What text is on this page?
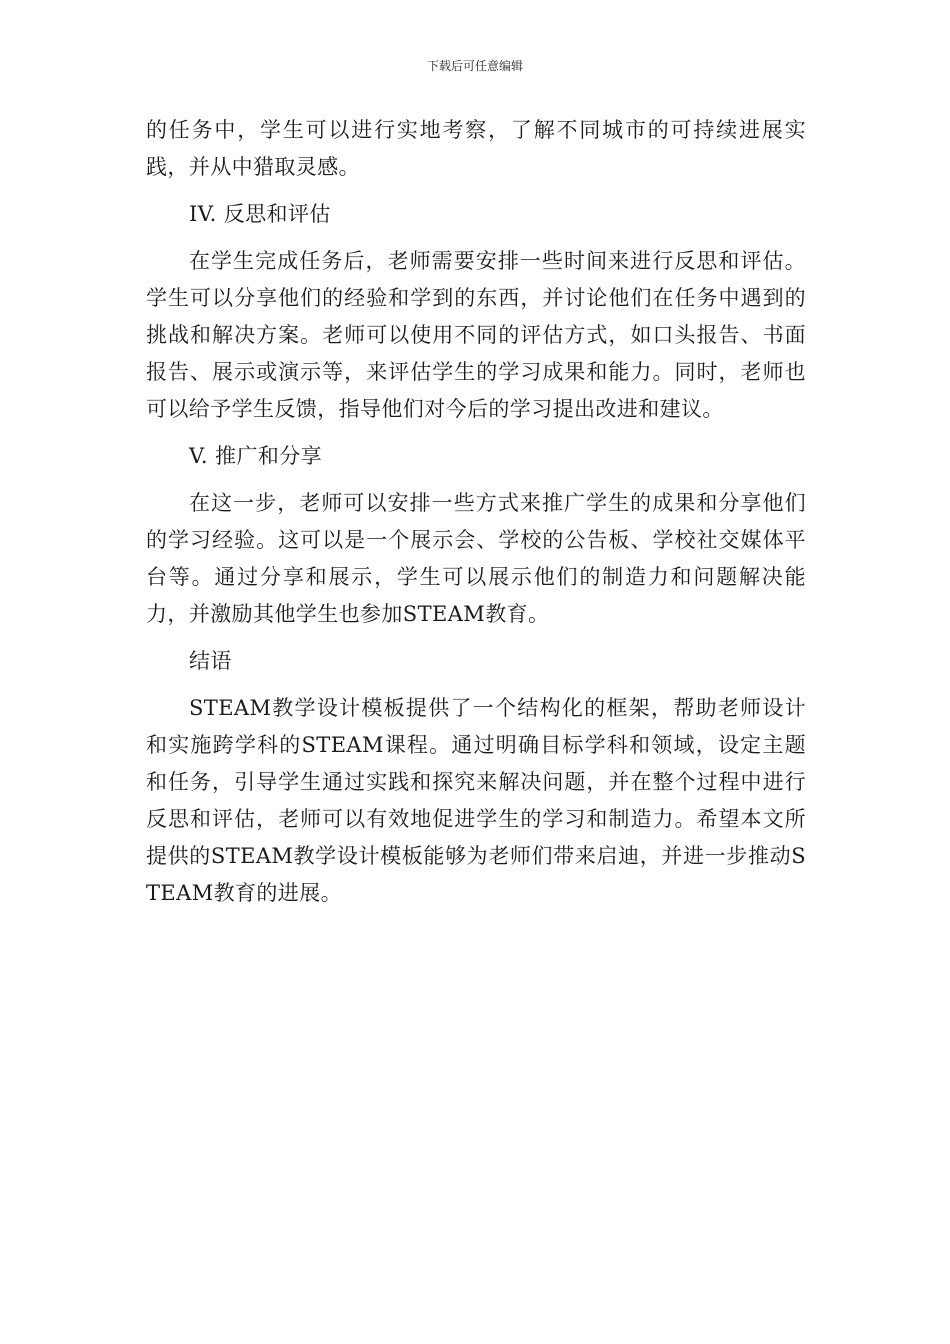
下载后可任意编辑

的任务中，学生可以进行实地考察，了解不同城市的可持续进展实践，并从中猎取灵感。

IV. 反思和评估

在学生完成任务后，老师需要安排一些时间来进行反思和评估。学生可以分享他们的经验和学到的东西，并讨论他们在任务中遇到的挑战和解决方案。老师可以使用不同的评估方式，如口头报告、书面报告、展示或演示等，来评估学生的学习成果和能力。同时，老师也可以给予学生反馈，指导他们对今后的学习提出改进和建议。

V. 推广和分享

在这一步，老师可以安排一些方式来推广学生的成果和分享他们的学习经验。这可以是一个展示会、学校的公告板、学校社交媒体平台等。通过分享和展示，学生可以展示他们的制造力和问题解决能力，并激励其他学生也参加STEAM教育。

结语

STEAM教学设计模板提供了一个结构化的框架，帮助老师设计和实施跨学科的STEAM课程。通过明确目标学科和领域，设定主题和任务，引导学生通过实践和探究来解决问题，并在整个过程中进行反思和评估，老师可以有效地促进学生的学习和制造力。希望本文所提供的STEAM教学设计模板能够为老师们带来启迪，并进一步推动STEAM教育的进展。
